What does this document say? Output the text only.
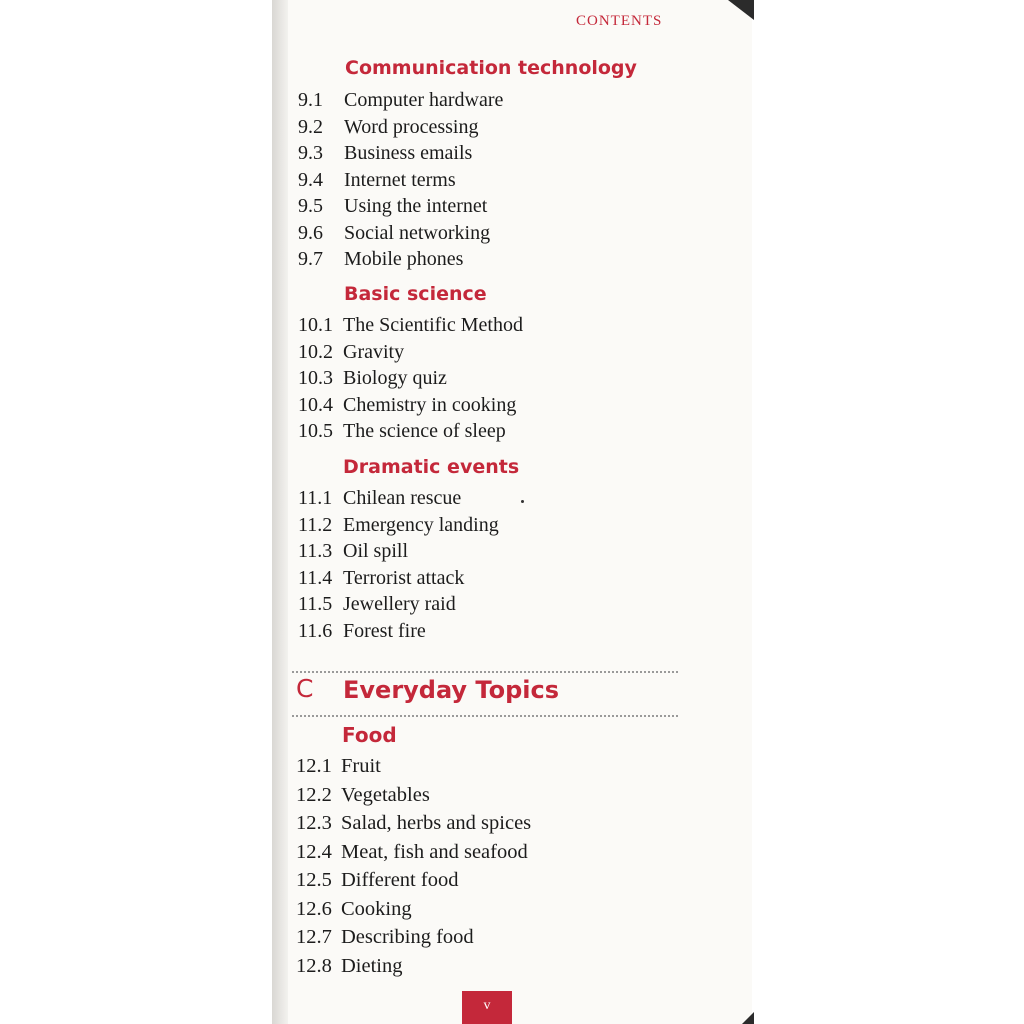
CONTENTS
Communication technology
9.1 Computer hardware
9.2 Word processing
9.3 Business emails
9.4 Internet terms
9.5 Using the internet
9.6 Social networking
9.7 Mobile phones
Basic science
10.1 The Scientific Method
10.2 Gravity
10.3 Biology quiz
10.4 Chemistry in cooking
10.5 The science of sleep
Dramatic events
11.1 Chilean rescue
11.2 Emergency landing
11.3 Oil spill
11.4 Terrorist attack
11.5 Jewellery raid
11.6 Forest fire
C Everyday Topics
Food
12.1 Fruit
12.2 Vegetables
12.3 Salad, herbs and spices
12.4 Meat, fish and seafood
12.5 Different food
12.6 Cooking
12.7 Describing food
12.8 Dieting
v
